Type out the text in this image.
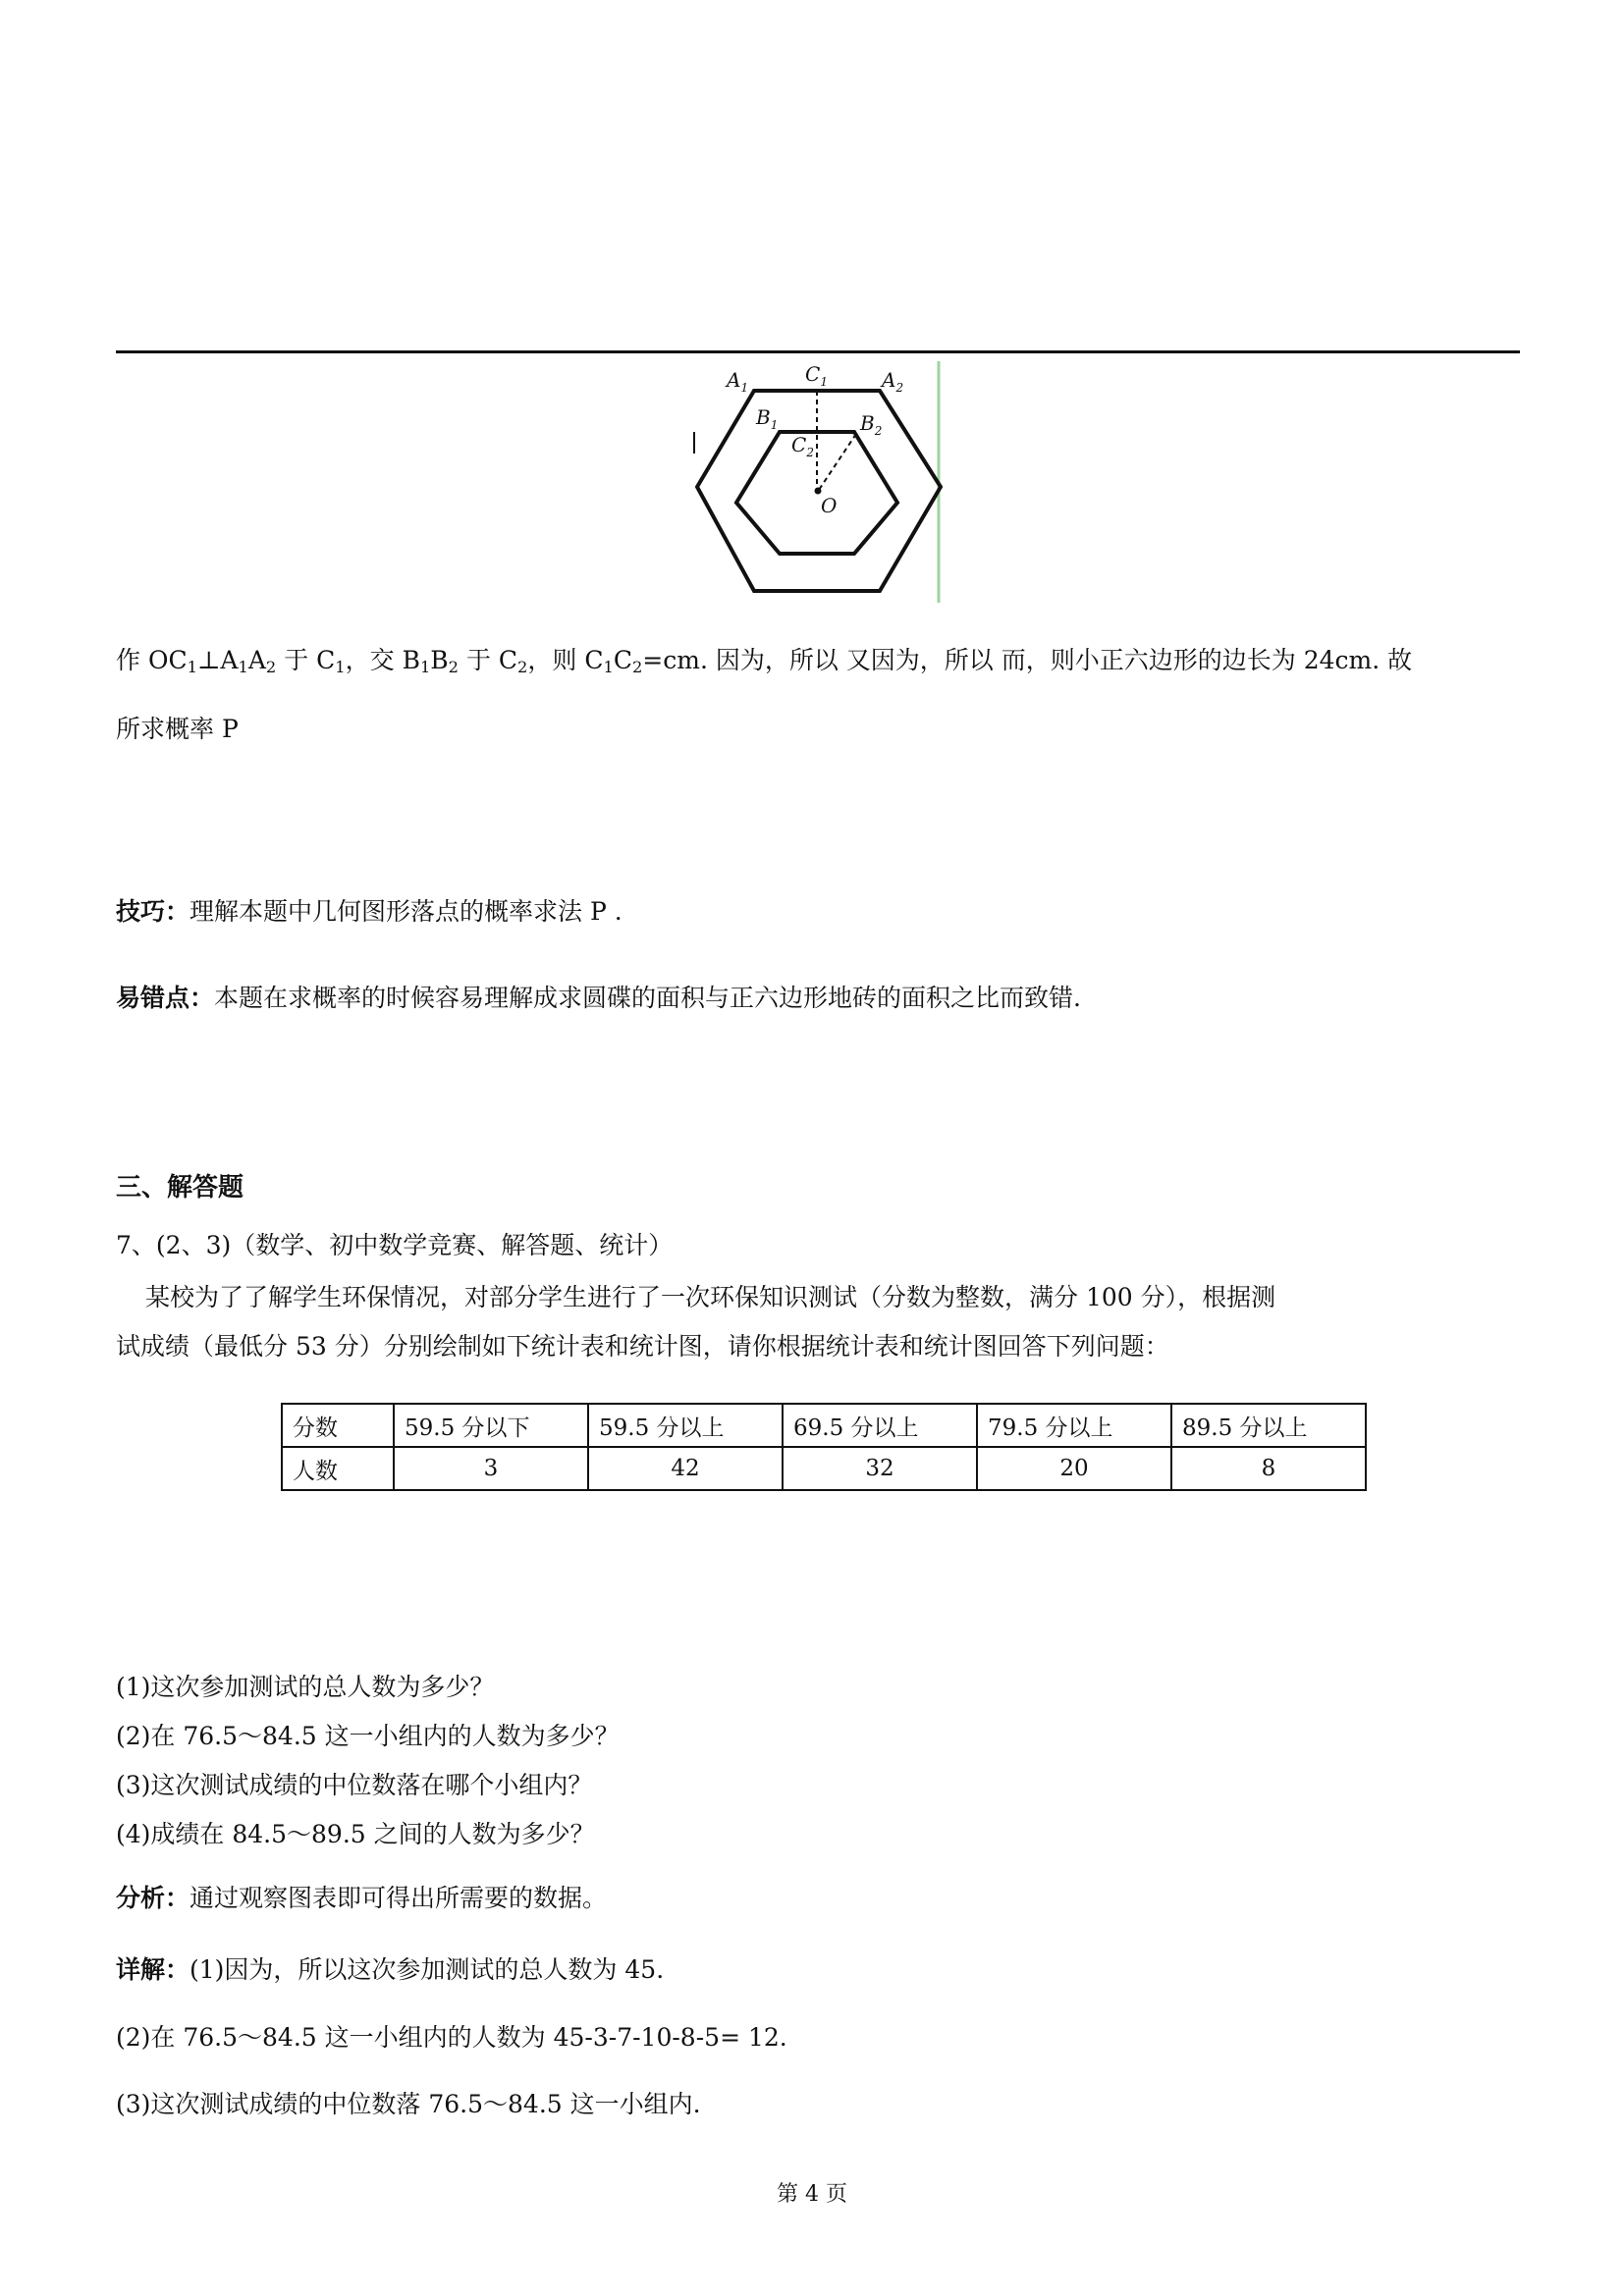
$A_1$
$C_1$	$A_2$
$B_1$	$B_2$
$C_2$
O
作 $OC_1\perp A_1A_2$ 于 $C_1$，交 $B_1B_2$ 于 $C_2$，则 $C_1C_2=cm$. 因为，所以 又因为，所以 而，则小正六边形的边长为 24cm. 故
所求概率 P
技巧：理解本题中几何图形落点的概率求法 P .
易错点：本题在求概率的时候容易理解成求圆碟的面积与正六边形地砖的面积之比而致错.
三、解答题
7、(2、3)（数学、初中数学竞赛、解答题、统计）
某校为了了解学生环保情况，对部分学生进行了一次环保知识测试（分数为整数，满分 100 分），根据测
试成绩（最低分 53 分）分别绘制如下统计表和统计图，请你根据统计表和统计图回答下列问题：
分数	59.5 分以下	59.5 分以上	69.5 分以上	79.5 分以上	89.5 分以上
人数	3	42	32	20	8
(1)这次参加测试的总人数为多少？
(2)在 76.5～84.5 这一小组内的人数为多少？
(3)这次测试成绩的中位数落在哪个小组内？
(4)成绩在 84.5～89.5 之间的人数为多少？
分析：通过观察图表即可得出所需要的数据。
详解：(1)因为，所以这次参加测试的总人数为 45.
(2)在 76.5～84.5 这一小组内的人数为 45-3-7-10-8-5= 12.
(3)这次测试成绩的中位数落 76.5～84.5 这一小组内.
第 4 页
